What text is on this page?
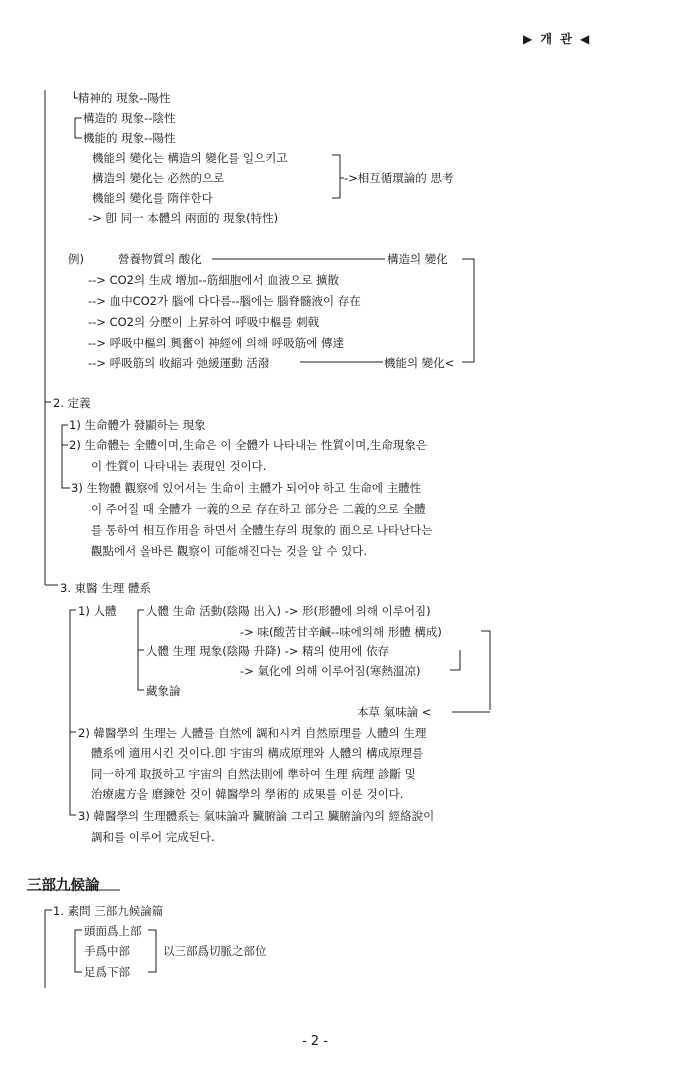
▶ 개 관 ◀
└精神的 現象--陽性
構造的 現象--陰性
機能的 現象--陽性
機能의 變化는 構造의 變化를 일으키고
構造의 變化는 必然的으로
機能의 變化를 隋伴한다
-> 卽 同一 本體의 兩面的 現象(特性)
->相互循環論的 思考
例)	營養物質의 酸化	構造의 變化
--> CO2의 生成 增加--筋細胞에서 血液으로 擴散
--> 血中CO2가 腦에 다다름--腦에는 腦脊髓液이 存在
--> CO2의 分壓이 上昇하여 呼吸中樞를 刺戟
--> 呼吸中樞의 興奮이 神經에 의해 呼吸筋에 傳達
--> 呼吸筋의 收縮과 弛緩運動 活潑	機能의 變化<
2. 定義
1) 生命體가 發顯하는 現象
2) 生命體는 全體이며,生命은 이 全體가 나타내는 性質이며,生命現象은
이 性質이 나타내는 表現인 것이다.
3) 生物體 觀察에 있어서는 生命이 主體가 되어야 하고 生命에 主體性
이 주어질 때 全體가 一義的으로 存在하고 部分은 二義的으로 全體
를 통하여 相互作用을 하면서 全體生存의 現象的 面으로 나타난다는
觀點에서 올바른 觀察이 可能해진다는 것을 알 수 있다.
3. 東醫 生理 體系
1) 人體	人體 生命 活動(陰陽 出入) -> 形(形體에 의해 이루어짐)
-> 味(酸苦甘辛鹹--味에의해 形體 構成)
人體 生理 現象(陰陽 升降) -> 精의 使用에 依存
-> 氣化에 의해 이루어짐(寒熱溫凉)
藏象論
本草 氣味論 <
2) 韓醫學의 生理는 人體를 自然에 調和시켜 自然原理를 人體의 生理
體系에 適用시킨 것이다.卽 宇宙의 構成原理와 人體의 構成原理를
同一하게 取扱하고 宇宙의 自然法則에 準하여 生理 病理 診斷 및
治療處方을 磨鍊한 것이 韓醫學의 學術的 成果를 이룬 것이다.
3) 韓醫學의 生理體系는 氣味論과 臟腑論 그리고 臟腑論內의 經絡說이
調和를 이루어 完成된다.
三部九候論
1. 素問 三部九候論篇
頭面爲上部
手爲中部
足爲下部
以三部爲切脈之部位
- 2 -
